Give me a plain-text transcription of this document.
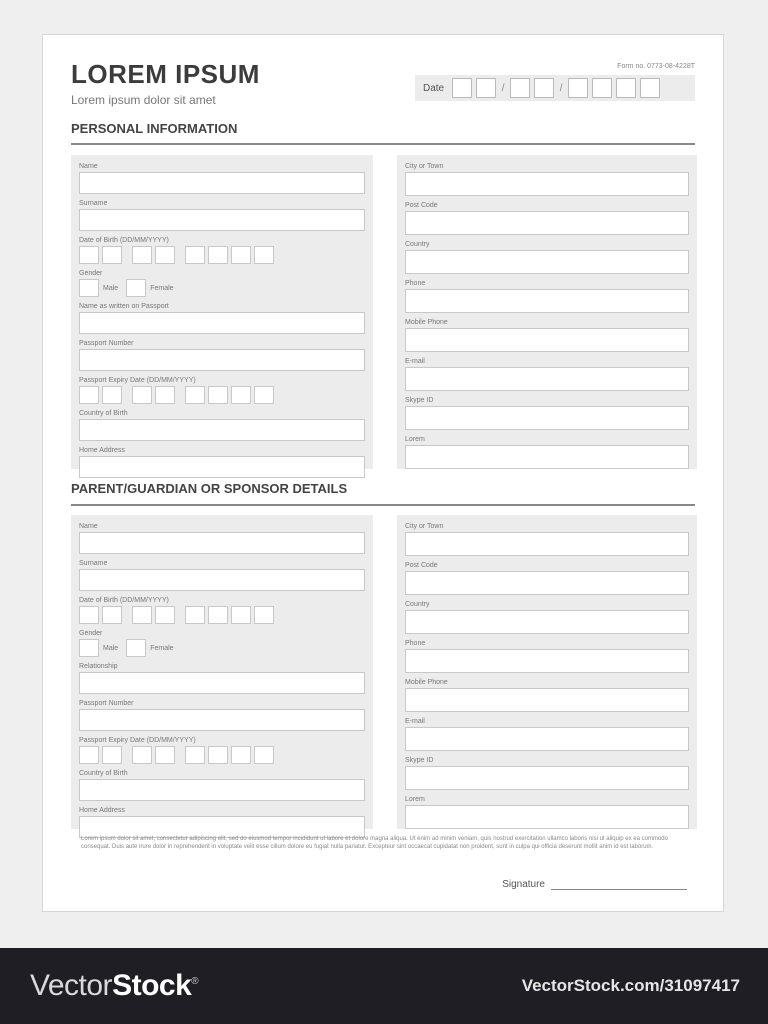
LOREM IPSUM
Lorem ipsum dolor sit amet
Form no. 0773-08-4228T
Date	/	/
PERSONAL INFORMATION
Name
Surname
Date of Birth (DD/MM/YYYY)
Gender
Male	Female
Name as written on Passport
Passport Number
Passport Expiry Date (DD/MM/YYYY)
Country of Birth
Home Address
City or Town
Post Code
Country
Phone
Mobile Phone
E-mail
Skype ID
Lorem
PARENT/GUARDIAN OR SPONSOR DETAILS
Name
Surname
Date of Birth (DD/MM/YYYY)
Gender
Male	Female
Relationship
Passport Number
Passport Expiry Date (DD/MM/YYYY)
Country of Birth
Home Address
City or Town
Post Code
Country
Phone
Mobile Phone
E-mail
Skype ID
Lorem
Lorem ipsum dolor sit amet, consectetur adipiscing elit, sed do eiusmod tempor incididunt ut labore et dolore magna aliqua. Ut enim ad minim veniam, quis nostrud exercitation ullamco laboris nisi ut aliquip ex ea commodo consequat. Duis aute irure dolor in reprehenderit in voluptate velit esse cillum dolore eu fugiat nulla pariatur. Excepteur sint occaecat cupidatat non proident, sunt in culpa qui officia deserunt mollit anim id est laborum.
Signature
VectorStock®	VectorStock.com/31097417
